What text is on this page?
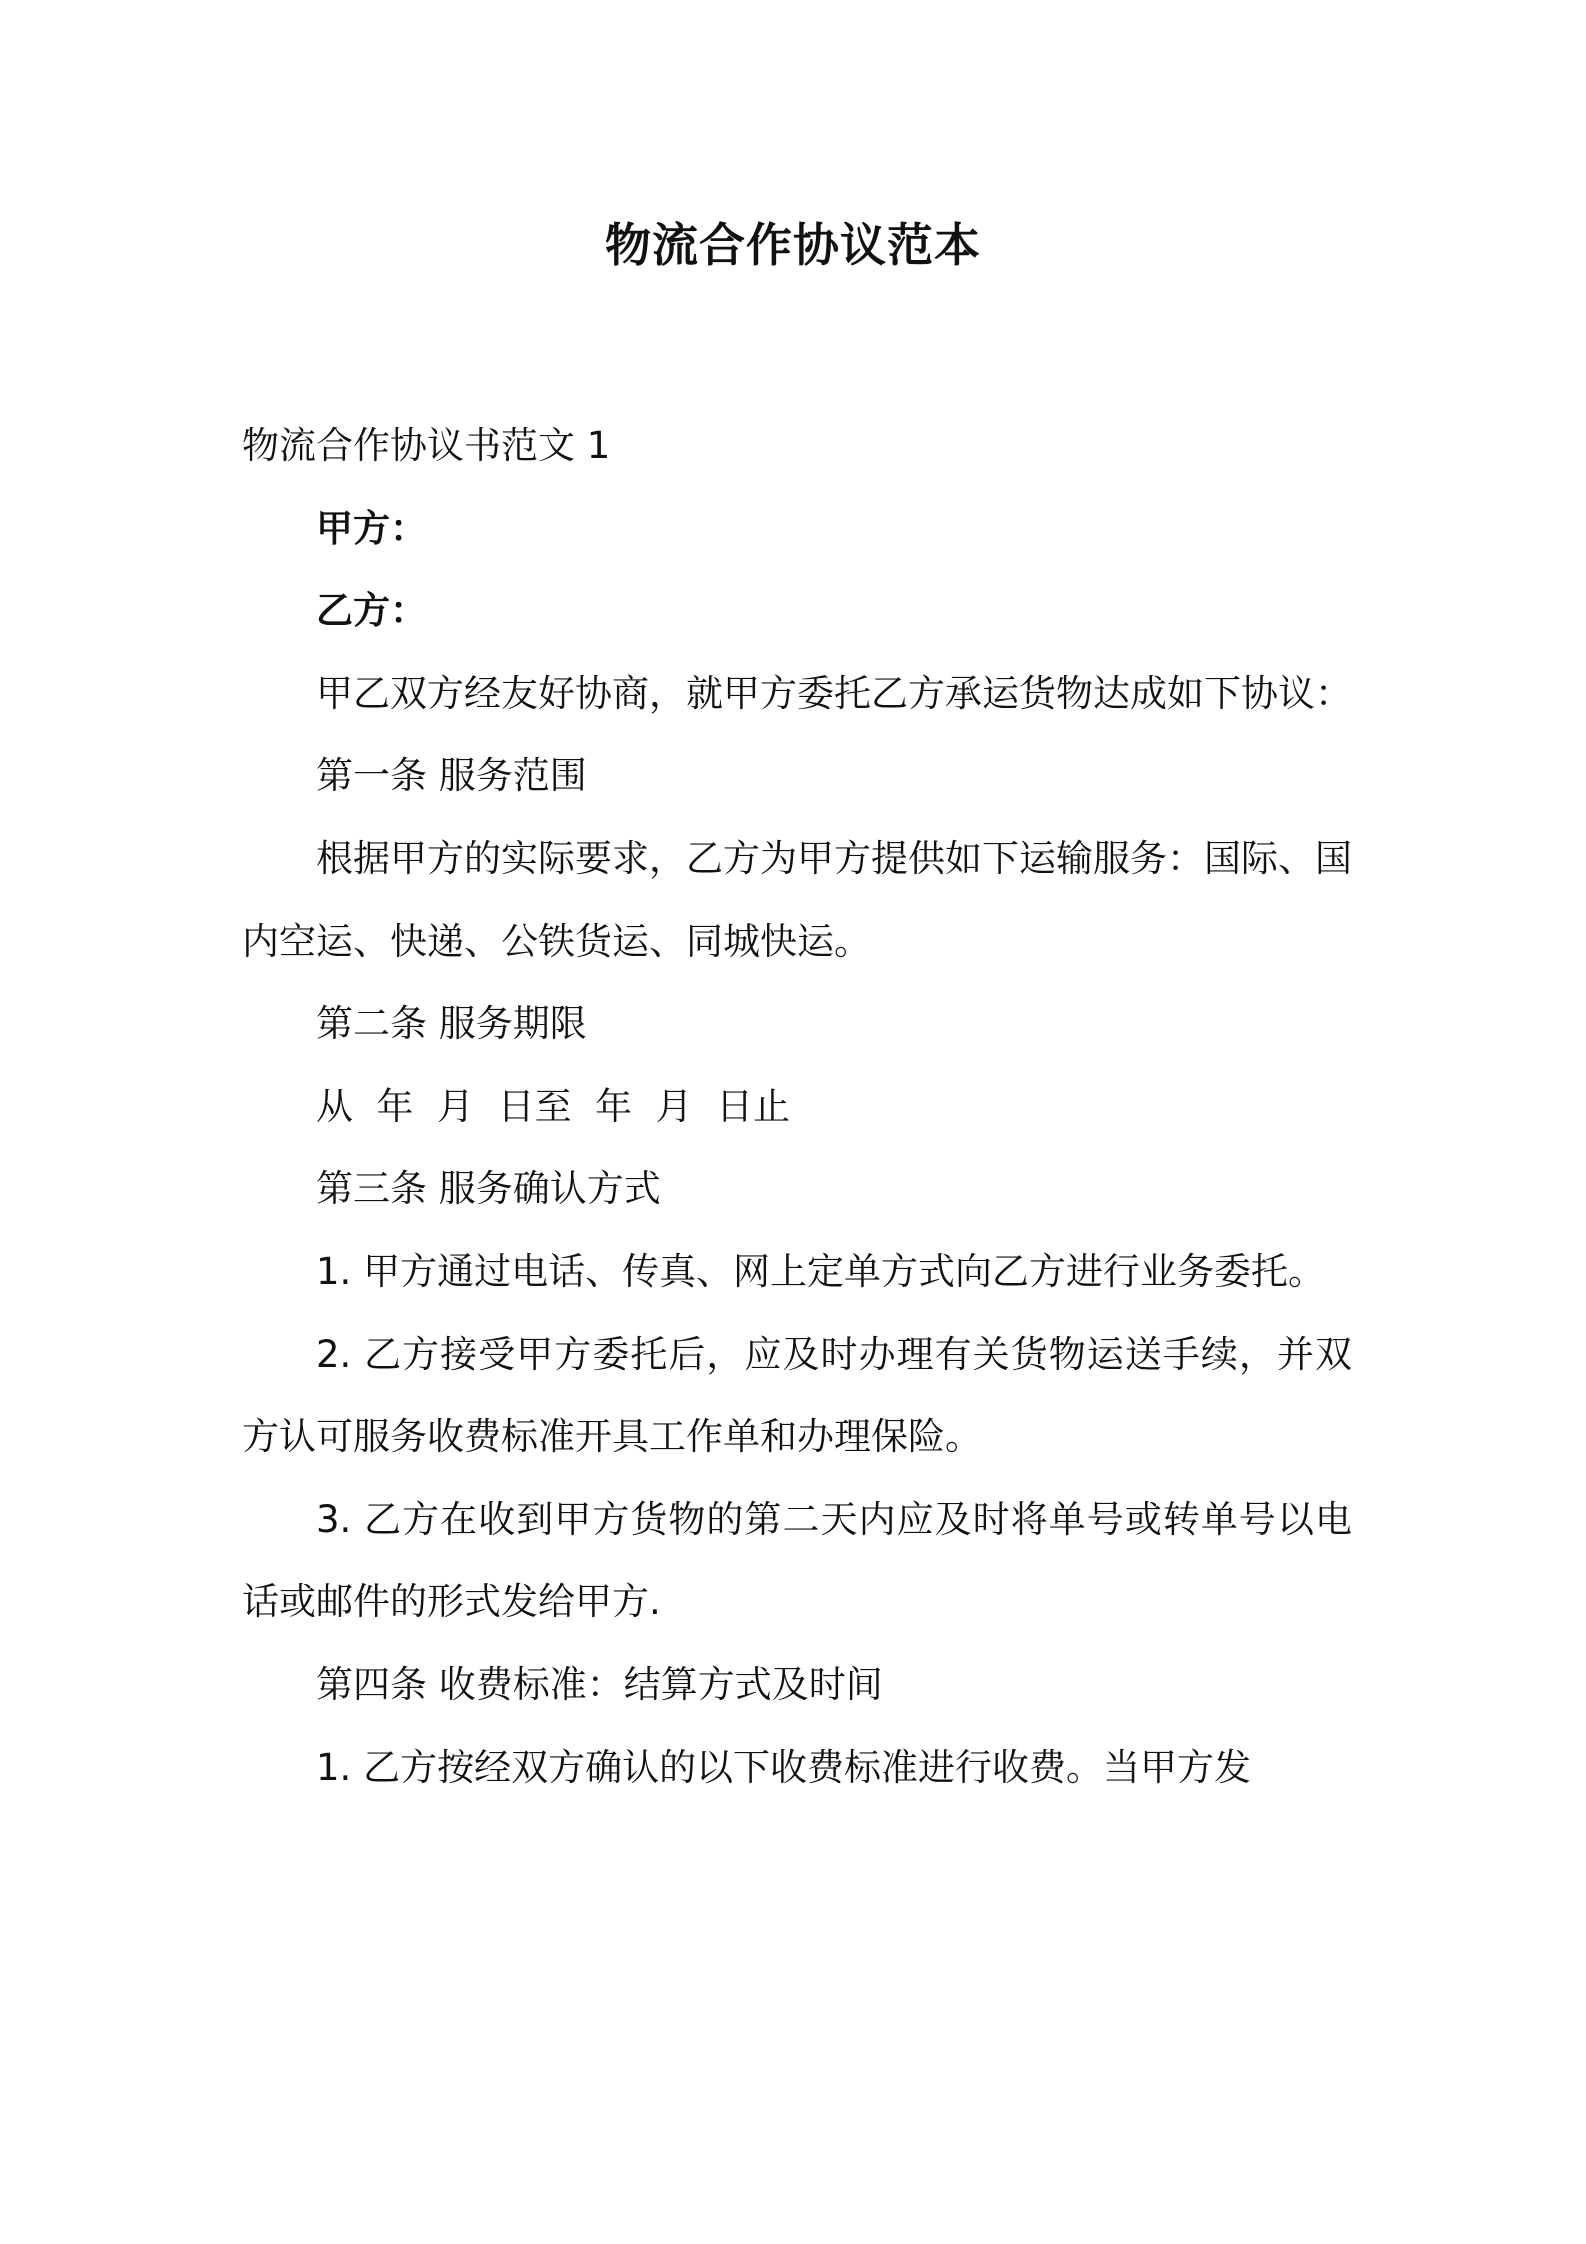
物流合作协议范本

物流合作协议书范文 1

甲方：

乙方：

甲乙双方经友好协商，就甲方委托乙方承运货物达成如下协议：

第一条 服务范围

根据甲方的实际要求，乙方为甲方提供如下运输服务：国际、国内空运、快递、公铁货运、同城快运。

第二条 服务期限

从  年  月  日至  年  月  日止

第三条 服务确认方式

1. 甲方通过电话、传真、网上定单方式向乙方进行业务委托。

2. 乙方接受甲方委托后，应及时办理有关货物运送手续，并双方认可服务收费标准开具工作单和办理保险。

3. 乙方在收到甲方货物的第二天内应及时将单号或转单号以电话或邮件的形式发给甲方.

第四条 收费标准：结算方式及时间

1. 乙方按经双方确认的以下收费标准进行收费。当甲方发
